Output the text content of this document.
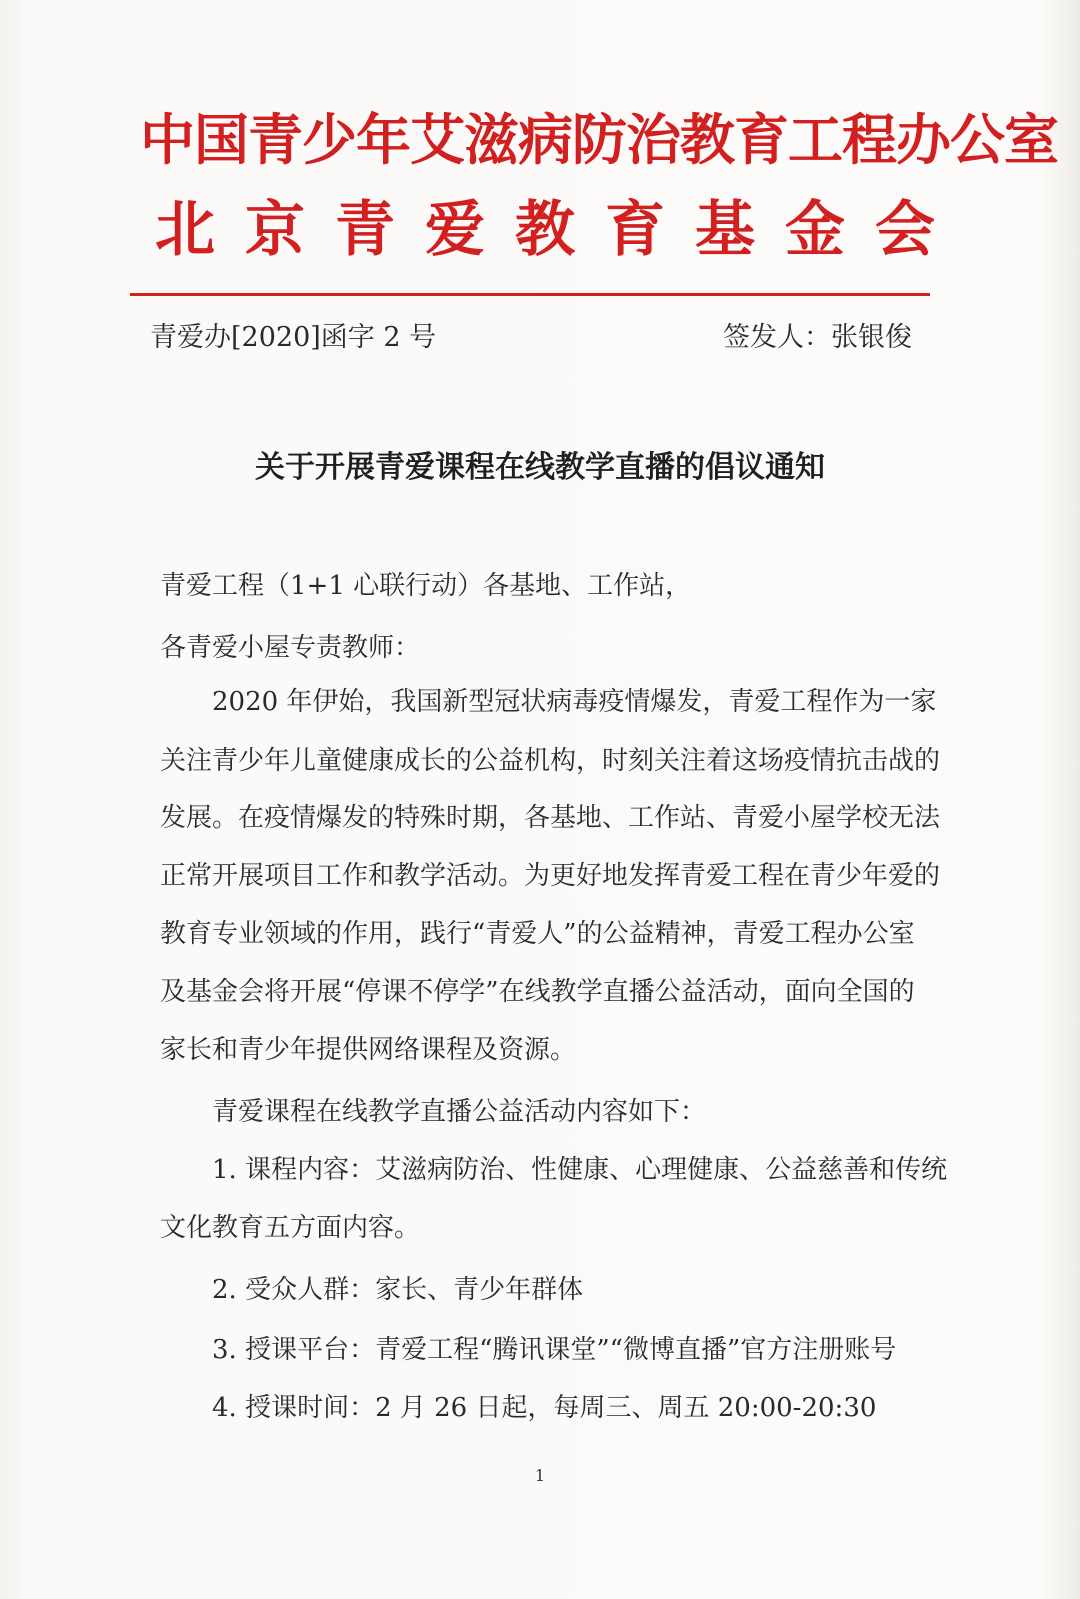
中国青少年艾滋病防治教育工程办公室
北京青爱教育基金会
青爱办[2020]函字 2 号	签发人：张银俊
关于开展青爱课程在线教学直播的倡议通知
青爱工程（1+1 心联行动）各基地、工作站，
各青爱小屋专责教师：
2020 年伊始，我国新型冠状病毒疫情爆发，青爱工程作为一家
关注青少年儿童健康成长的公益机构，时刻关注着这场疫情抗击战的
发展。在疫情爆发的特殊时期，各基地、工作站、青爱小屋学校无法
正常开展项目工作和教学活动。为更好地发挥青爱工程在青少年爱的
教育专业领域的作用，践行“青爱人”的公益精神，青爱工程办公室
及基金会将开展“停课不停学”在线教学直播公益活动，面向全国的
家长和青少年提供网络课程及资源。
青爱课程在线教学直播公益活动内容如下：
1. 课程内容：艾滋病防治、性健康、心理健康、公益慈善和传统
文化教育五方面内容。
2. 受众人群：家长、青少年群体
3. 授课平台：青爱工程“腾讯课堂”“微博直播”官方注册账号
4. 授课时间：2 月 26 日起，每周三、周五 20:00-20:30
1
